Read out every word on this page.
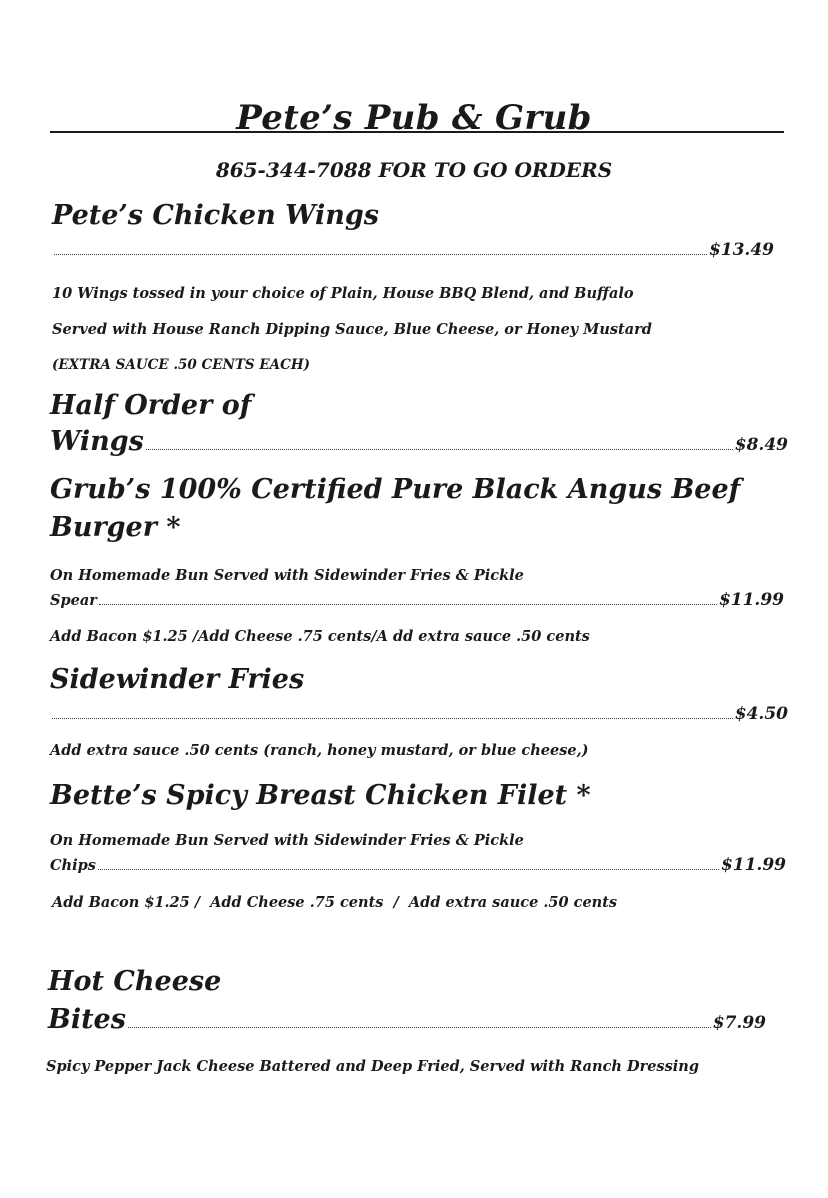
Pete’s Pub & Grub
865-344-7088 FOR TO GO ORDERS
Pete’s Chicken Wings
$13.49
10 Wings tossed in your choice of Plain, House BBQ Blend, and Buffalo
Served with House Ranch Dipping Sauce, Blue Cheese, or Honey Mustard
(EXTRA SAUCE .50 CENTS EACH)
Half Order of
Wings	$8.49
Grub’s 100% Certified Pure Black Angus Beef
Burger *
On Homemade Bun Served with Sidewinder Fries & Pickle
Spear	$11.99
Add Bacon $1.25 /Add Cheese .75 cents/A dd extra sauce .50 cents
Sidewinder Fries
$4.50
Add extra sauce .50 cents (ranch, honey mustard, or blue cheese,)
Bette’s Spicy Breast Chicken Filet *
On Homemade Bun Served with Sidewinder Fries & Pickle
Chips	$11.99
Add Bacon $1.25 /  Add Cheese .75 cents  /  Add extra sauce .50 cents
Hot Cheese
Bites	$7.99
Spicy Pepper Jack Cheese Battered and Deep Fried, Served with Ranch Dressing
